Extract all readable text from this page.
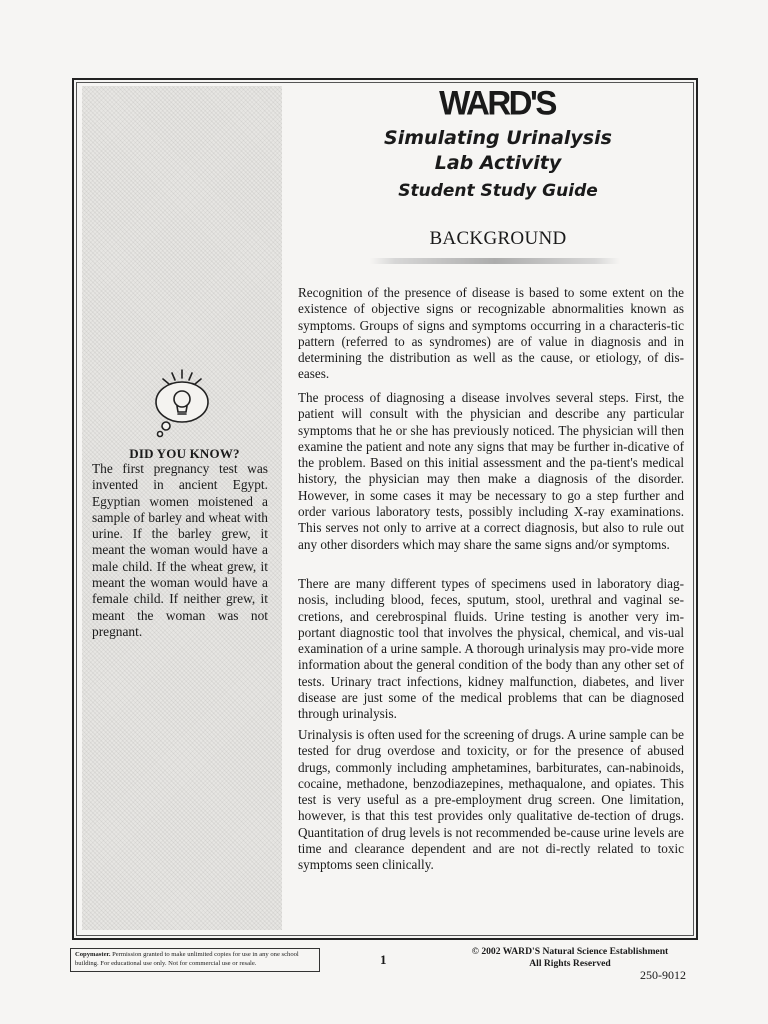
DID YOU KNOW?
The first pregnancy test was invented in ancient Egypt. Egyptian women moistened a sample of barley and wheat with urine. If the barley grew, it meant the woman would have a male child. If the wheat grew, it meant the woman would have a female child. If neither grew, it meant the woman was not pregnant.
WARD'S
Simulating Urinalysis
Lab Activity
Student Study Guide
BACKGROUND

Recognition of the presence of disease is based to some extent on the existence of objective signs or recognizable abnormalities known as symptoms. Groups of signs and symptoms occurring in a characteris-tic pattern (referred to as syndromes) are of value in diagnosis and in determining the distribution as well as the cause, or etiology, of dis-eases.

The process of diagnosing a disease involves several steps. First, the patient will consult with the physician and describe any particular symptoms that he or she has previously noticed. The physician will then examine the patient and note any signs that may be further in-dicative of the problem. Based on this initial assessment and the pa-tient's medical history, the physician may then make a diagnosis of the disorder. However, in some cases it may be necessary to go a step further and order various laboratory tests, possibly including X-ray examinations. This serves not only to arrive at a correct diagnosis, but also to rule out any other disorders which may share the same signs and/or symptoms.

There are many different types of specimens used in laboratory diag-nosis, including blood, feces, sputum, stool, urethral and vaginal se-cretions, and cerebrospinal fluids. Urine testing is another very im-portant diagnostic tool that involves the physical, chemical, and vis-ual examination of a urine sample. A thorough urinalysis may pro-vide more information about the general condition of the body than any other set of tests. Urinary tract infections, kidney malfunction, diabetes, and liver disease are just some of the medical problems that can be diagnosed through urinalysis.

Urinalysis is often used for the screening of drugs. A urine sample can be tested for drug overdose and toxicity, or for the presence of abused drugs, commonly including amphetamines, barbiturates, can-nabinoids, cocaine, methadone, benzodiazepines, methaqualone, and opiates. This test is very useful as a pre-employment drug screen. One limitation, however, is that this test provides only qualitative de-tection of drugs. Quantitation of drug levels is not recommended be-cause urine levels are time and clearance dependent and are not di-rectly related to toxic symptoms seen clinically.

Copymaster. Permission granted to make unlimited copies for use in any one school building. For educational use only. Not for commercial use or resale.	1
© 2002 WARD'S Natural Science Establishment
All Rights Reserved
250-9012
